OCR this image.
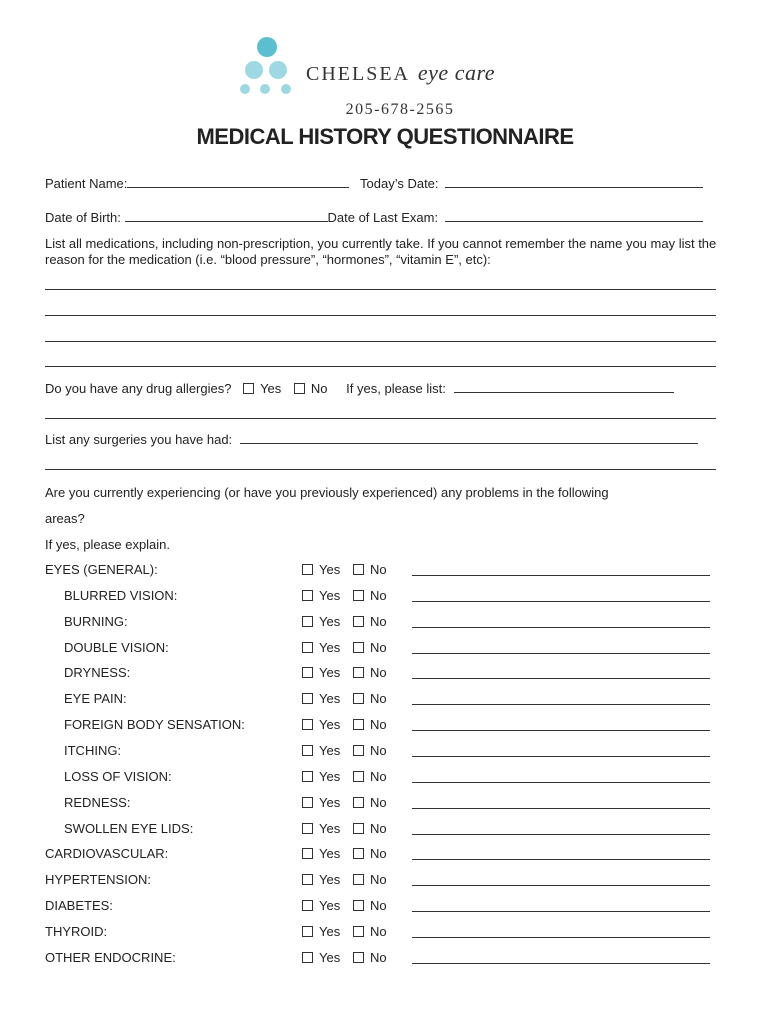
CHELSEA eye care
205-678-2565
MEDICAL HISTORY QUESTIONNAIRE
Patient Name:	Today’s Date:
Date of Birth:	Date of Last Exam:
List all medications, including non-prescription, you currently take. If you cannot remember the name you may list the reason for the medication (i.e. “blood pressure”, “hormones”, “vitamin E”, etc):
Do you have any drug allergies? Yes No If yes, please list:
List any surgeries you have had:
Are you currently experiencing (or have you previously experienced) any problems in the following
areas?
If yes, please explain.
EYES (GENERAL):	Yes	No
BLURRED VISION:	Yes	No
BURNING:	Yes	No
DOUBLE VISION:	Yes	No
DRYNESS:	Yes	No
EYE PAIN:	Yes	No
FOREIGN BODY SENSATION:	Yes	No
ITCHING:	Yes	No
LOSS OF VISION:	Yes	No
REDNESS:	Yes	No
SWOLLEN EYE LIDS:	Yes	No
CARDIOVASCULAR:	Yes	No
HYPERTENSION:	Yes	No
DIABETES:	Yes	No
THYROID:	Yes	No
OTHER ENDOCRINE:	Yes	No
